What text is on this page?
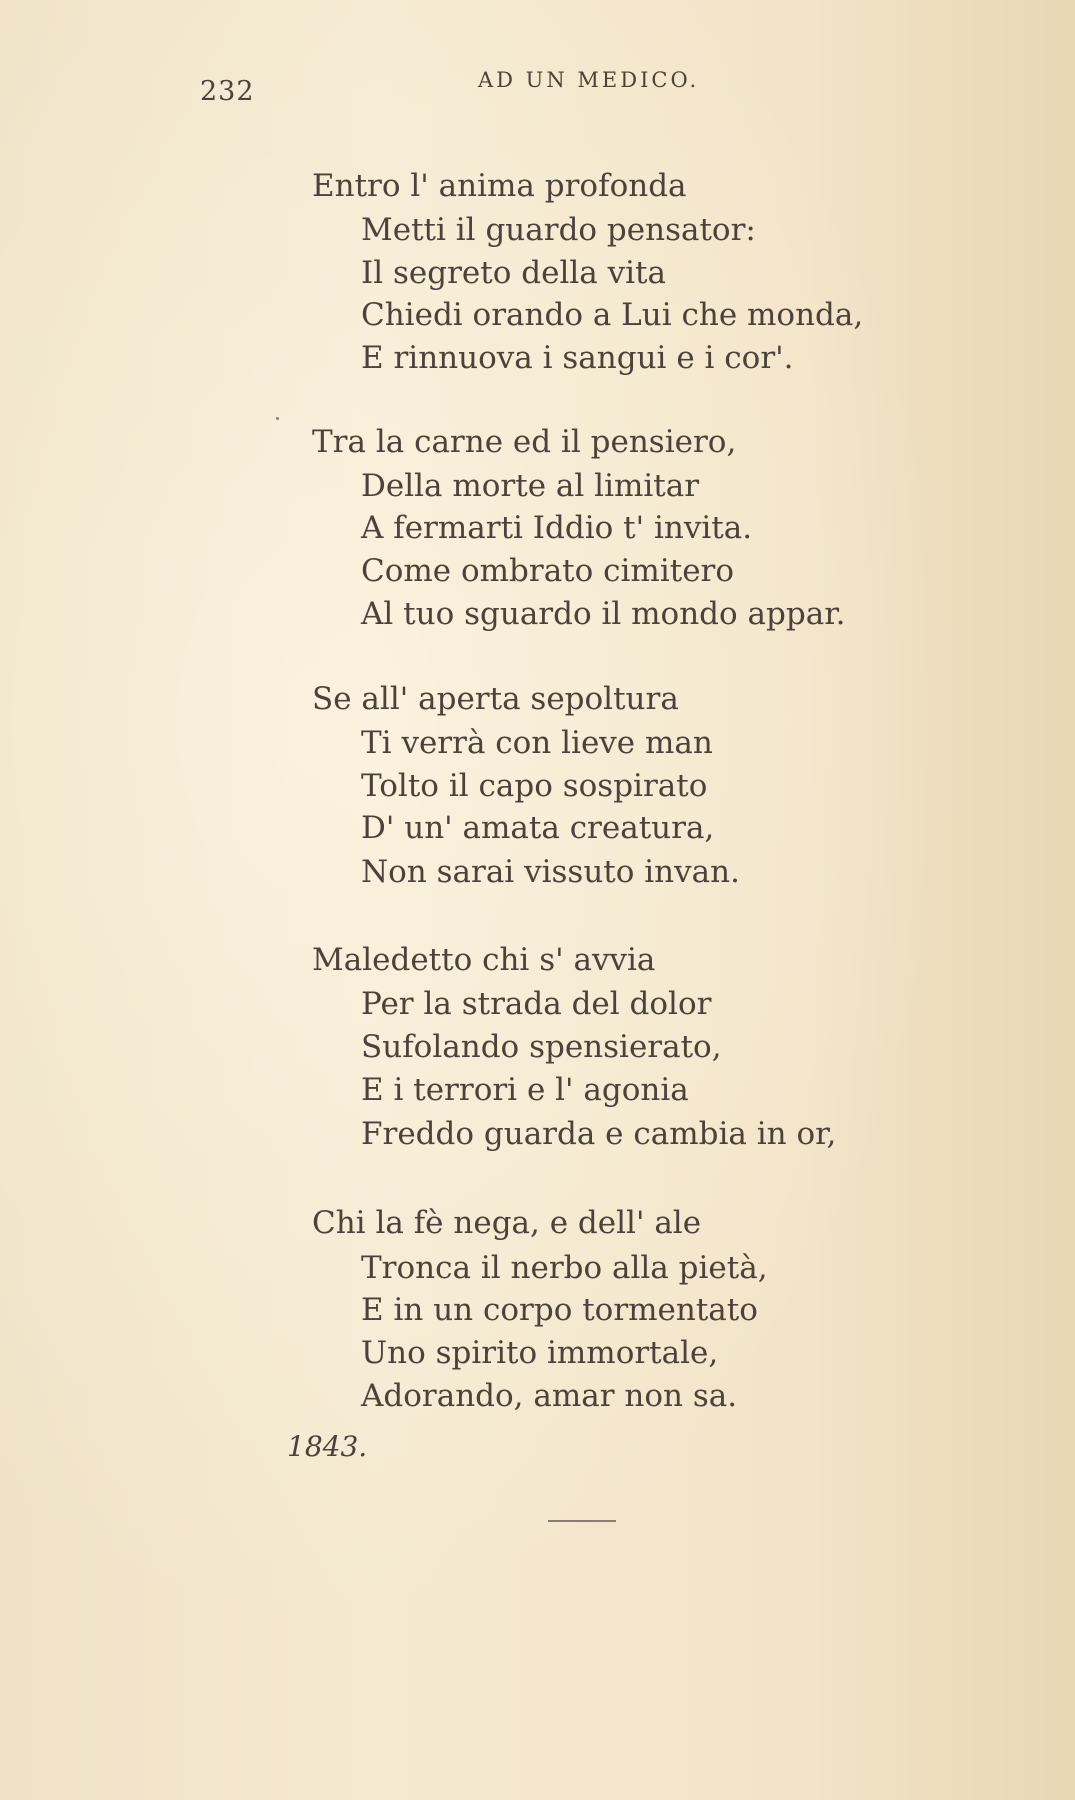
232	AD UN MEDICO.
Entro l' anima profonda
Metti il guardo pensator:
Il segreto della vita
Chiedi orando a Lui che monda,
E rinnuova i sangui e i cor'.
Tra la carne ed il pensiero,
Della morte al limitar
A fermarti Iddio t' invita.
Come ombrato cimitero
Al tuo sguardo il mondo appar.
Se all' aperta sepoltura
Ti verrà con lieve man
Tolto il capo sospirato
D' un' amata creatura,
Non sarai vissuto invan.
Maledetto chi s' avvia
Per la strada del dolor
Sufolando spensierato,
E i terrori e l' agonia
Freddo guarda e cambia in or,
Chi la fè nega, e dell' ale
Tronca il nerbo alla pietà,
E in un corpo tormentato
Uno spirito immortale,
Adorando, amar non sa.
1843.
